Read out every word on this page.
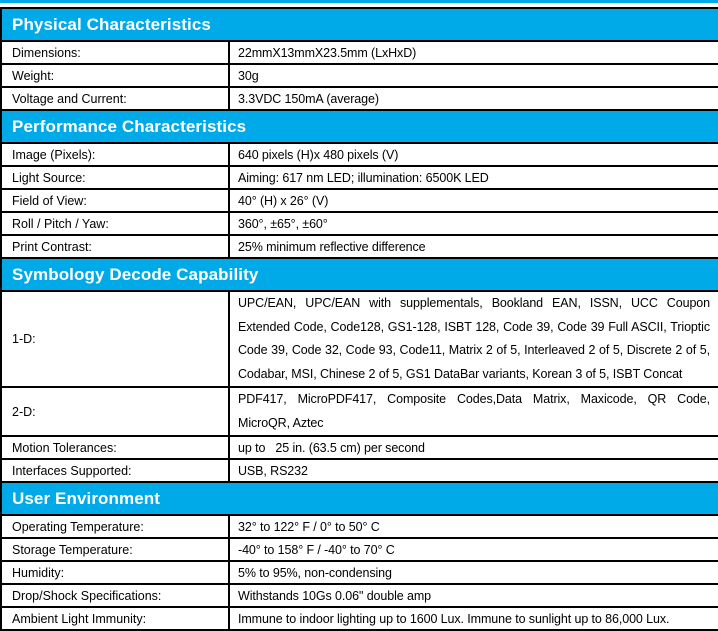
Physical Characteristics
Dimensions:	22mmX13mmX23.5mm (LxHxD)
Weight:	30g
Voltage and Current:	3.3VDC 150mA (average)
Performance Characteristics
Image (Pixels):	640 pixels (H)x 480 pixels (V)
Light Source:	Aiming: 617 nm LED; illumination: 6500K LED
Field of View:	40° (H) x 26° (V)
Roll / Pitch / Yaw:	360°, ±65°, ±60°
Print Contrast:	25% minimum reflective difference
Symbology Decode Capability
1-D:
UPC/EAN, UPC/EAN with supplementals, Bookland EAN, ISSN, UCC Coupon Extended Code, Code128, GS1-128, ISBT 128, Code 39, Code 39 Full ASCII, Trioptic Code 39, Code 32, Code 93, Code11, Matrix 2 of 5, Interleaved 2 of 5, Discrete 2 of 5, Codabar, MSI, Chinese 2 of 5, GS1 DataBar variants, Korean 3 of 5, ISBT Concat
2-D:
PDF417, MicroPDF417, Composite Codes,Data Matrix, Maxicode, QR Code, MicroQR, Aztec
Motion Tolerances:	up to   25 in. (63.5 cm) per second
Interfaces Supported:	USB, RS232
User Environment
Operating Temperature:	32° to 122° F / 0° to 50° C
Storage Temperature:	-40° to 158° F / -40° to 70° C
Humidity:	5% to 95%, non-condensing
Drop/Shock Specifications:	Withstands 10Gs 0.06" double amp
Ambient Light Immunity:	Immune to indoor lighting up to 1600 Lux. Immune to sunlight up to 86,000 Lux.
